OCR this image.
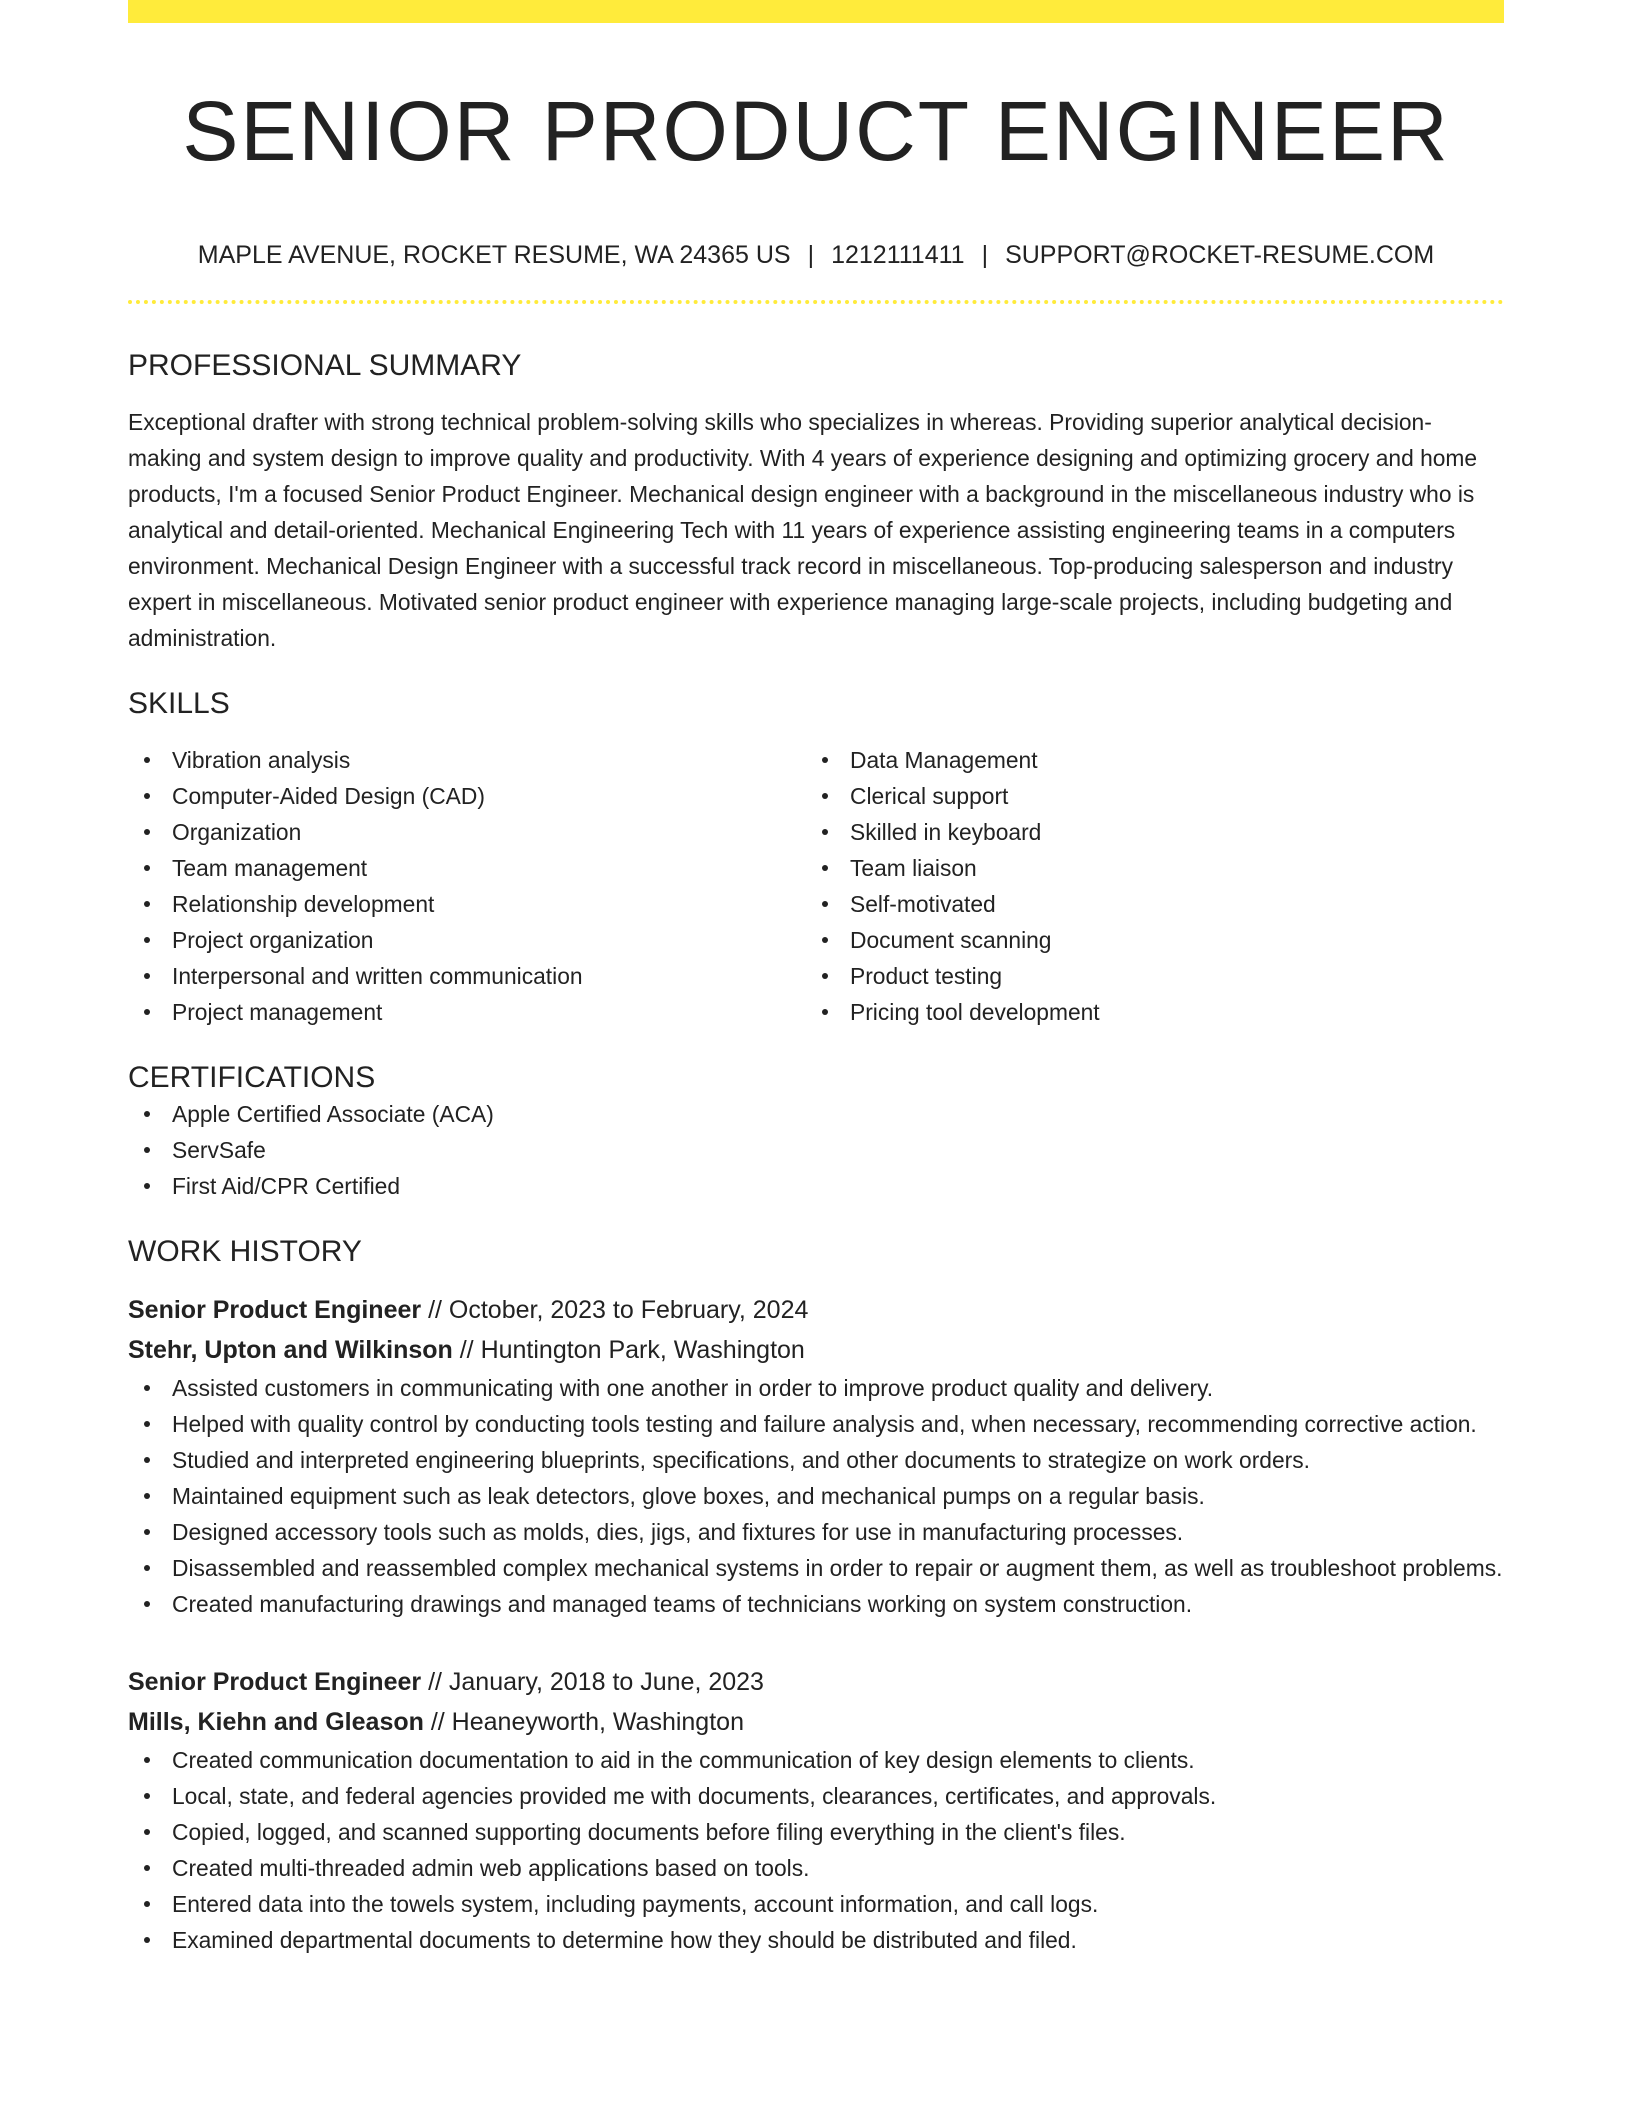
SENIOR PRODUCT ENGINEER
MAPLE AVENUE, ROCKET RESUME, WA 24365 US | 1212111411 | SUPPORT@ROCKET-RESUME.COM
PROFESSIONAL SUMMARY
Exceptional drafter with strong technical problem-solving skills who specializes in whereas. Providing superior analytical decision-making and system design to improve quality and productivity. With 4 years of experience designing and optimizing grocery and home products, I'm a focused Senior Product Engineer. Mechanical design engineer with a background in the miscellaneous industry who is analytical and detail-oriented. Mechanical Engineering Tech with 11 years of experience assisting engineering teams in a computers environment. Mechanical Design Engineer with a successful track record in miscellaneous. Top-producing salesperson and industry expert in miscellaneous. Motivated senior product engineer with experience managing large-scale projects, including budgeting and administration.
SKILLS
Vibration analysis
Computer-Aided Design (CAD)
Organization
Team management
Relationship development
Project organization
Interpersonal and written communication
Project management
Data Management
Clerical support
Skilled in keyboard
Team liaison
Self-motivated
Document scanning
Product testing
Pricing tool development
CERTIFICATIONS
Apple Certified Associate (ACA)
ServSafe
First Aid/CPR Certified
WORK HISTORY
Senior Product Engineer // October, 2023 to February, 2024
Stehr, Upton and Wilkinson // Huntington Park, Washington
Assisted customers in communicating with one another in order to improve product quality and delivery.
Helped with quality control by conducting tools testing and failure analysis and, when necessary, recommending corrective action.
Studied and interpreted engineering blueprints, specifications, and other documents to strategize on work orders.
Maintained equipment such as leak detectors, glove boxes, and mechanical pumps on a regular basis.
Designed accessory tools such as molds, dies, jigs, and fixtures for use in manufacturing processes.
Disassembled and reassembled complex mechanical systems in order to repair or augment them, as well as troubleshoot problems.
Created manufacturing drawings and managed teams of technicians working on system construction.
Senior Product Engineer // January, 2018 to June, 2023
Mills, Kiehn and Gleason // Heaneyworth, Washington
Created communication documentation to aid in the communication of key design elements to clients.
Local, state, and federal agencies provided me with documents, clearances, certificates, and approvals.
Copied, logged, and scanned supporting documents before filing everything in the client's files.
Created multi-threaded admin web applications based on tools.
Entered data into the towels system, including payments, account information, and call logs.
Examined departmental documents to determine how they should be distributed and filed.
